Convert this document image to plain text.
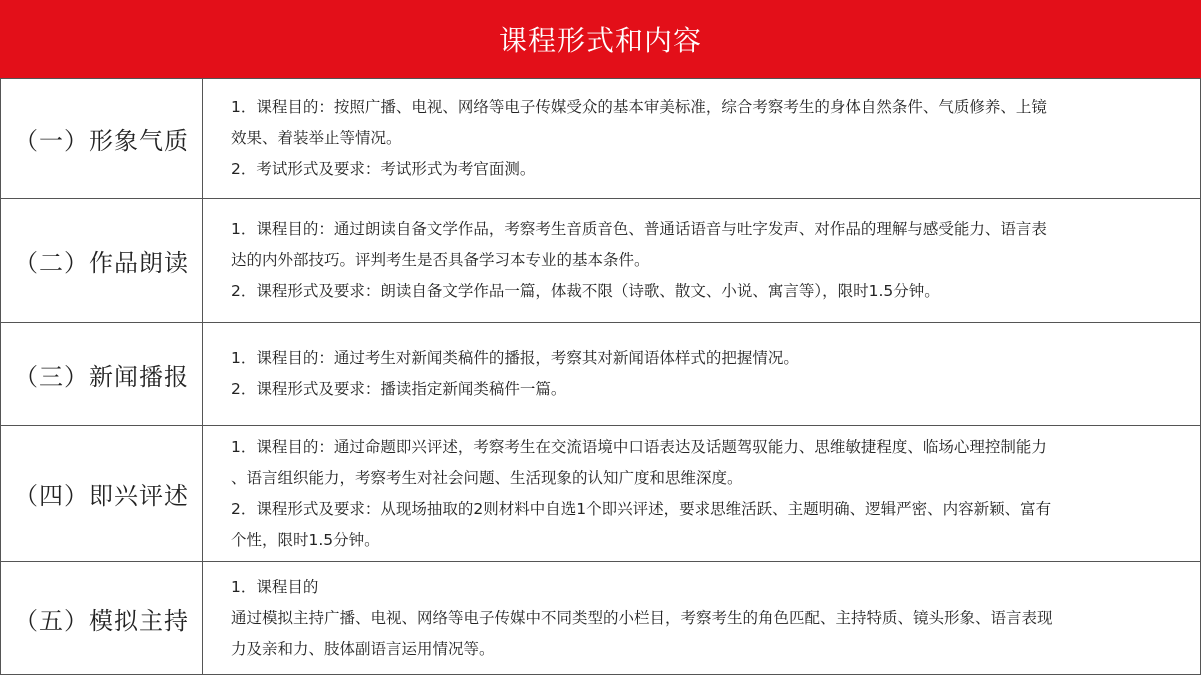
课程形式和内容
（一）形象气质	1．课程目的：按照广播、电视、网络等电子传媒受众的基本审美标准，综合考察考生的身体自然条件、气质修养、上镜
效果、着装举止等情况。
2．考试形式及要求：考试形式为考官面测。

（二）作品朗读	1．课程目的：通过朗读自备文学作品，考察考生音质音色、普通话语音与吐字发声、对作品的理解与感受能力、语言表
达的内外部技巧。评判考生是否具备学习本专业的基本条件。
2．课程形式及要求：朗读自备文学作品一篇，体裁不限（诗歌、散文、小说、寓言等），限时1.5分钟。

（三）新闻播报	1．课程目的：通过考生对新闻类稿件的播报，考察其对新闻语体样式的把握情况。
2．课程形式及要求：播读指定新闻类稿件一篇。

（四）即兴评述	1．课程目的：通过命题即兴评述，考察考生在交流语境中口语表达及话题驾驭能力、思维敏捷程度、临场心理控制能力
、语言组织能力，考察考生对社会问题、生活现象的认知广度和思维深度。
2．课程形式及要求：从现场抽取的2则材料中自选1个即兴评述，要求思维活跃、主题明确、逻辑严密、内容新颖、富有
个性，限时1.5分钟。

（五）模拟主持	1．课程目的
通过模拟主持广播、电视、网络等电子传媒中不同类型的小栏目，考察考生的角色匹配、主持特质、镜头形象、语言表现
力及亲和力、肢体副语言运用情况等。
